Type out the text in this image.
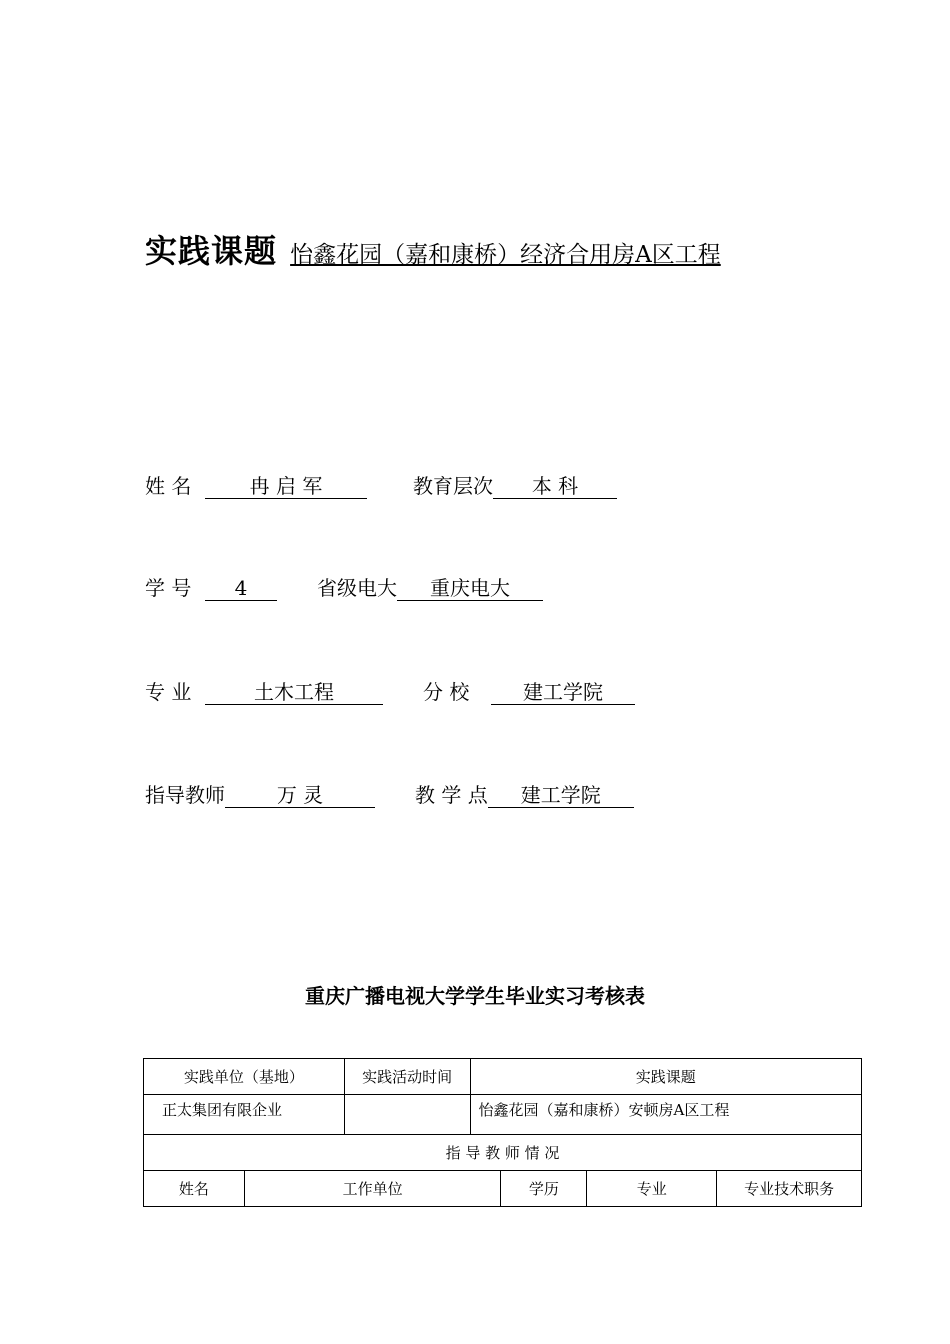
实践课题 怡鑫花园（嘉和康桥）经济合用房A区工程
姓 名	冉 启 军	教育层次 本 科
学 号 4	省级电大 重庆电大
专 业	土木工程	分 校	建工学院
指导教师	万 灵	教 学 点 建工学院
重庆广播电视大学学生毕业实习考核表
实践单位（基地）		实践活动时间	实践课题			
正太集团有限企业			怡鑫花园（嘉和康桥）安顿房A区工程			
指 导 教 师 情 况						
姓名	工作单位			学历	专业	专业技术职务
